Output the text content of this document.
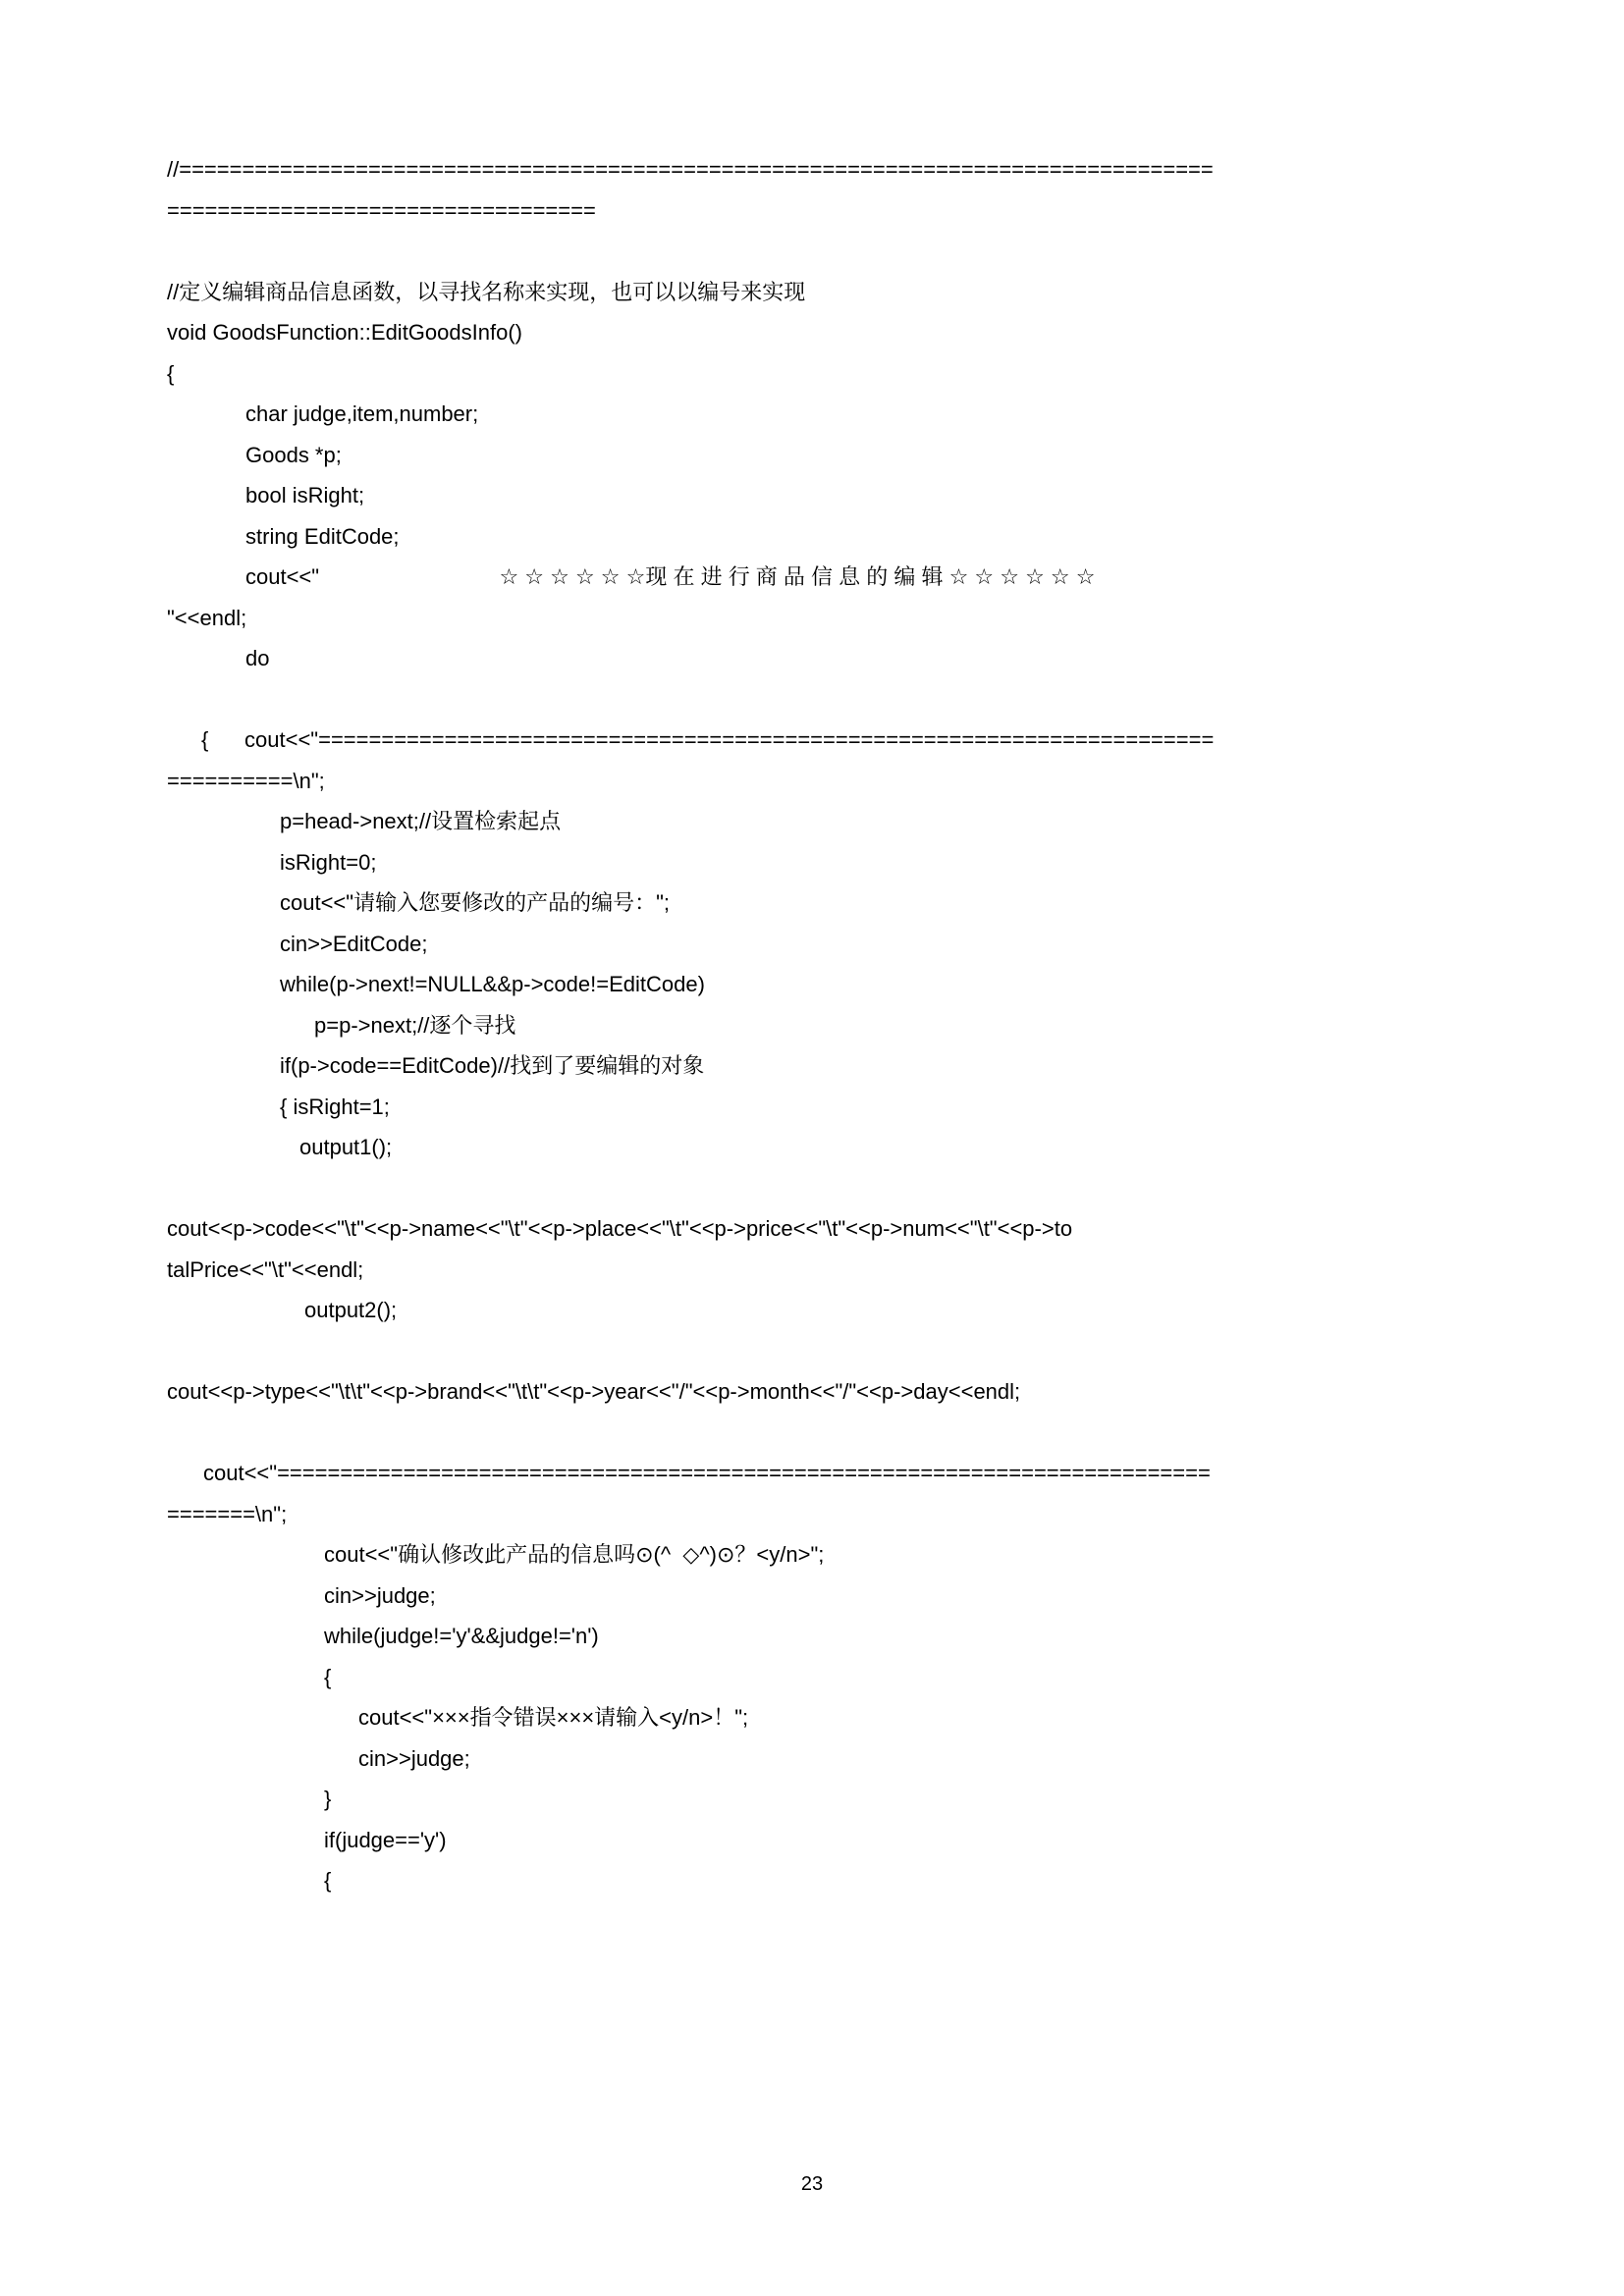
//==================================================================================
==================================

//定义编辑商品信息函数，以寻找名称来实现，也可以以编号来实现
void GoodsFunction::EditGoodsInfo()
{
char judge,item,number;
Goods *p;
bool isRight;
string EditCode;
cout<<"                              ☆ ☆ ☆ ☆ ☆ ☆现 在 进 行 商 品 信 息 的 编 辑 ☆ ☆ ☆ ☆ ☆ ☆
"<<endl;
do

{      cout<<"=======================================================================
==========\n";
p=head->next;//设置检索起点
isRight=0;
cout<<"请输入您要修改的产品的编号：";
cin>>EditCode;
while(p->next!=NULL&&p->code!=EditCode)
p=p->next;//逐个寻找
if(p->code==EditCode)//找到了要编辑的对象
{ isRight=1;
output1();

cout<<p->code<<"\t"<<p->name<<"\t"<<p->place<<"\t"<<p->price<<"\t"<<p->num<<"\t"<<p->to
talPrice<<"\t"<<endl;
output2();

cout<<p->type<<"\t\t"<<p->brand<<"\t\t"<<p->year<<"/"<<p->month<<"/"<<p->day<<endl;

cout<<"==========================================================================
=======\n";
cout<<"确认修改此产品的信息吗⊙(^  ◇^)⊙？<y/n>";
cin>>judge;
while(judge!='y'&&judge!='n')
{
cout<<"×××指令错误×××请输入<y/n>！";
cin>>judge;
}
if(judge=='y')
{
23
